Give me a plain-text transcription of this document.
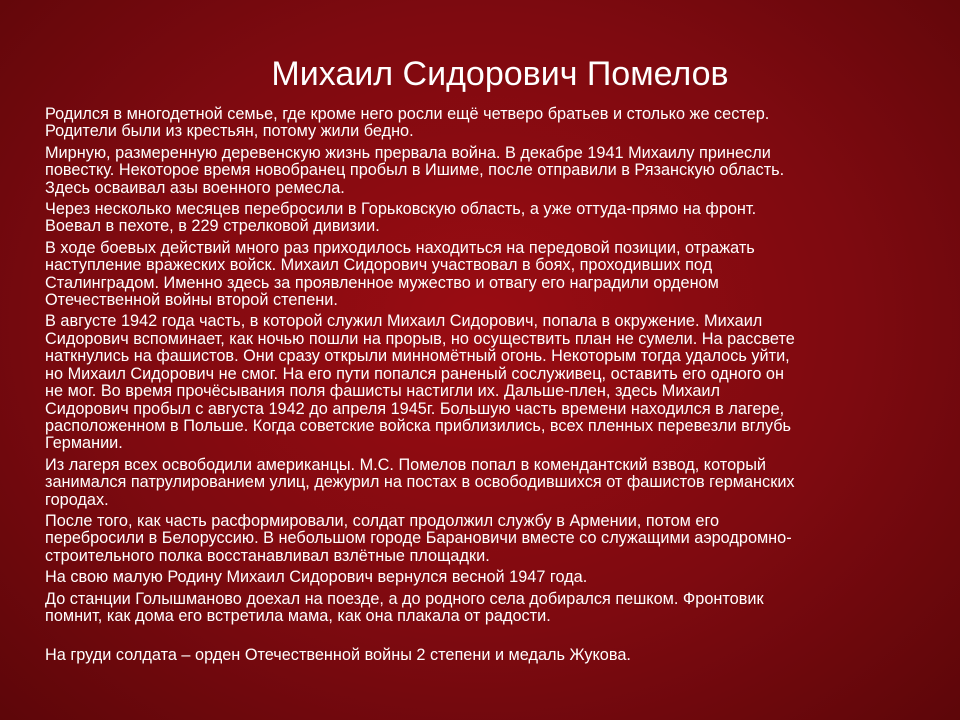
Михаил Сидорович Помелов

Родился в многодетной семье, где кроме него росли ещё четверо братьев и столько же сестер.
Родители были из крестьян, потому жили бедно.

Мирную, размеренную деревенскую жизнь прервала война. В декабре 1941 Михаилу принесли
повестку. Некоторое время новобранец пробыл в Ишиме, после отправили в Рязанскую область.
Здесь осваивал азы военного ремесла.

Через несколько месяцев перебросили в Горьковскую область, а уже оттуда-прямо на фронт.
Воевал в пехоте, в 229 стрелковой дивизии.

В ходе боевых действий много раз приходилось находиться на передовой позиции, отражать
наступление вражеских войск. Михаил Сидорович участвовал в боях, проходивших под
Сталинградом. Именно здесь за проявленное мужество и отвагу его наградили орденом
Отечественной войны второй степени.

В августе 1942 года часть, в которой служил Михаил Сидорович, попала в окружение. Михаил
Сидорович вспоминает, как ночью пошли на прорыв, но осуществить план не сумели. На рассвете
наткнулись на фашистов. Они сразу открыли минномётный огонь. Некоторым тогда удалось уйти,
но Михаил Сидорович не смог. На его пути попался раненый сослуживец, оставить его одного он
не мог. Во время прочёсывания поля фашисты настигли их. Дальше-плен, здесь Михаил
Сидорович пробыл с августа 1942 до апреля 1945г. Большую часть времени находился в лагере,
расположенном в Польше. Когда советские войска приблизились, всех пленных перевезли вглубь
Германии.

Из лагеря всех освободили американцы. М.С. Помелов попал в комендантский взвод, который
занимался патрулированием улиц, дежурил на постах в освободившихся от фашистов германских
городах.

После того, как часть расформировали, солдат продолжил службу в Армении, потом его
перебросили в Белоруссию. В небольшом городе Барановичи вместе со служащими аэродромно-
строительного полка восстанавливал взлётные площадки.

На свою малую Родину Михаил Сидорович вернулся весной 1947 года.

До станции Голышманово доехал на поезде, а до родного села добирался пешком. Фронтовик
помнит, как дома его встретила мама, как она плакала от радости.

На груди солдата – орден Отечественной войны 2 степени и медаль Жукова.
